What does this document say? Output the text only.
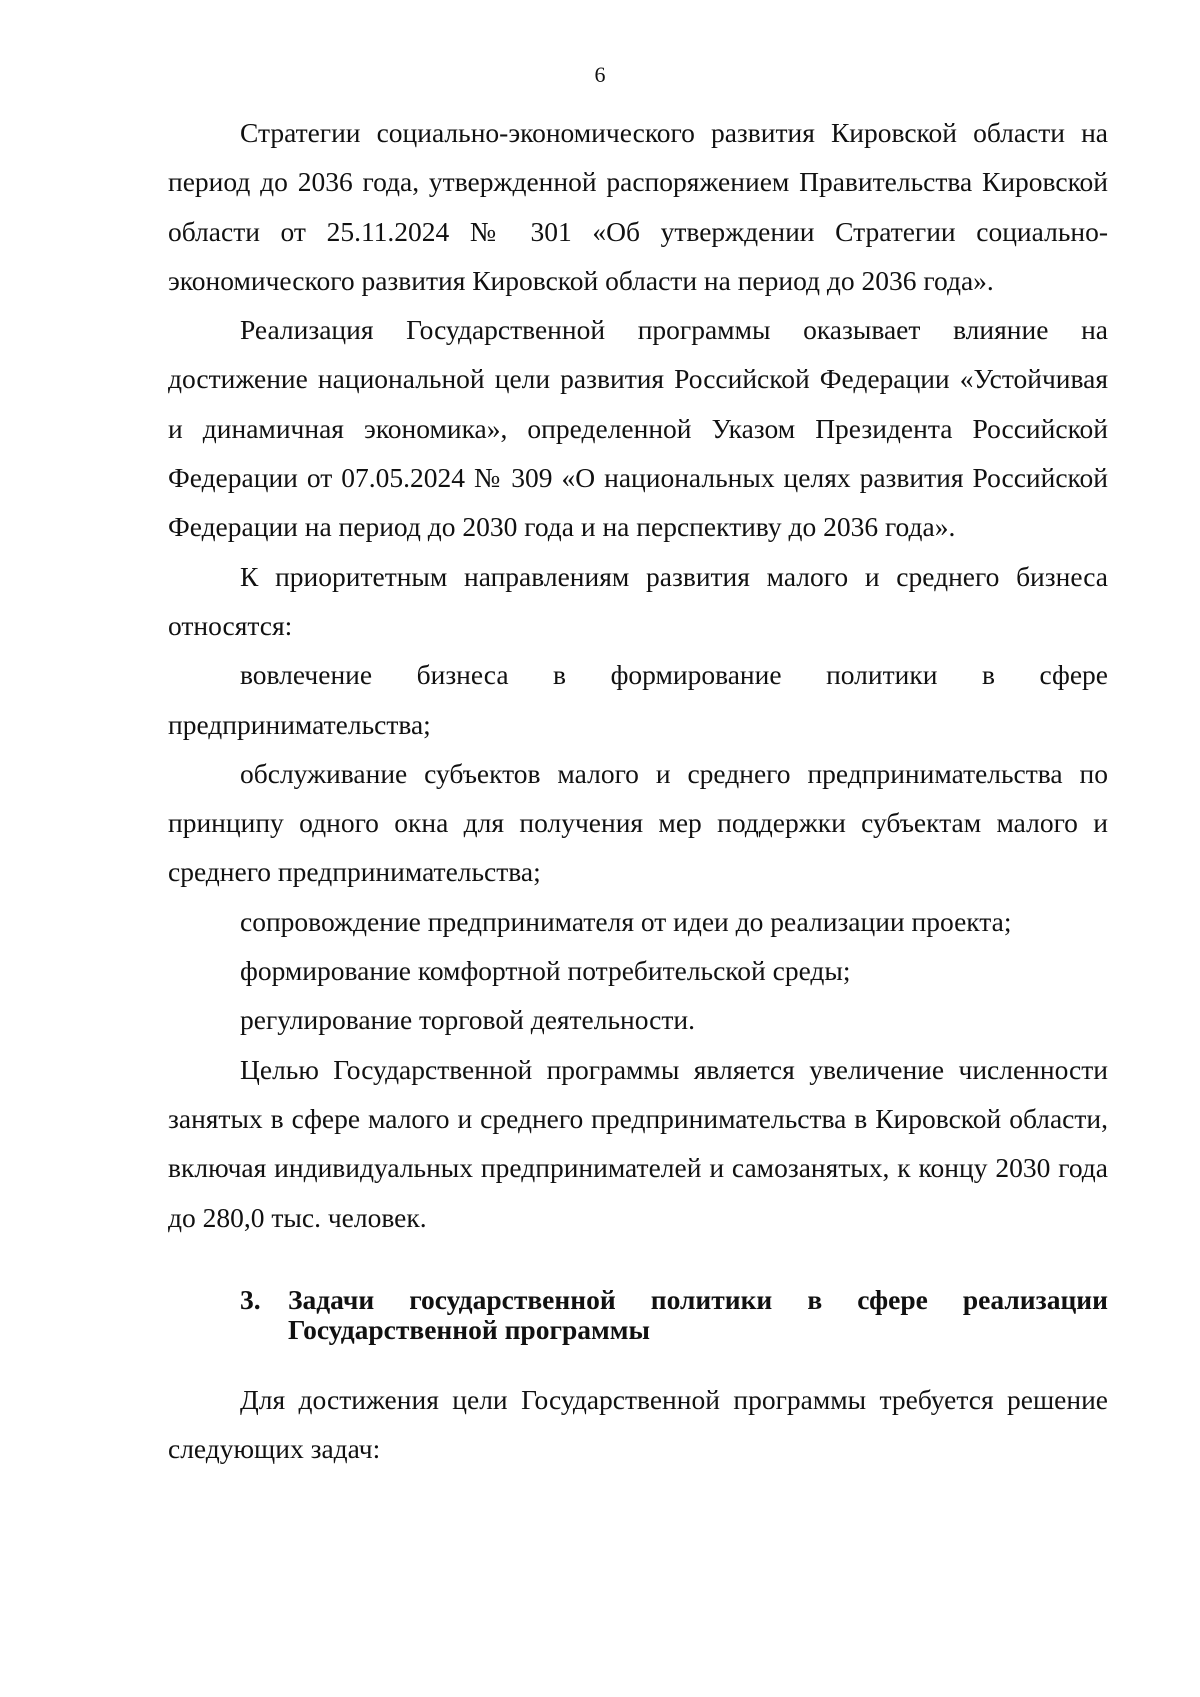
6

Стратегии социально-экономического развития Кировской области на период до 2036 года, утвержденной распоряжением Правительства Кировской области от 25.11.2024 № 301 «Об утверждении Стратегии социально-экономического развития Кировской области на период до 2036 года».

Реализация Государственной программы оказывает влияние на достижение национальной цели развития Российской Федерации «Устойчивая и динамичная экономика», определенной Указом Президента Российской Федерации от 07.05.2024 № 309 «О национальных целях развития Российской Федерации на период до 2030 года и на перспективу до 2036 года».

К приоритетным направлениям развития малого и среднего бизнеса относятся:

вовлечение бизнеса в формирование политики в сфере предпринимательства;

обслуживание субъектов малого и среднего предпринимательства по принципу одного окна для получения мер поддержки субъектам малого и среднего предпринимательства;

сопровождение предпринимателя от идеи до реализации проекта;

формирование комфортной потребительской среды;

регулирование торговой деятельности.

Целью Государственной программы является увеличение численности занятых в сфере малого и среднего предпринимательства в Кировской области, включая индивидуальных предпринимателей и самозанятых, к концу 2030 года до 280,0 тыс. человек.

3. Задачи государственной политики в сфере реализации
Государственной программы

Для достижения цели Государственной программы требуется решение следующих задач:
